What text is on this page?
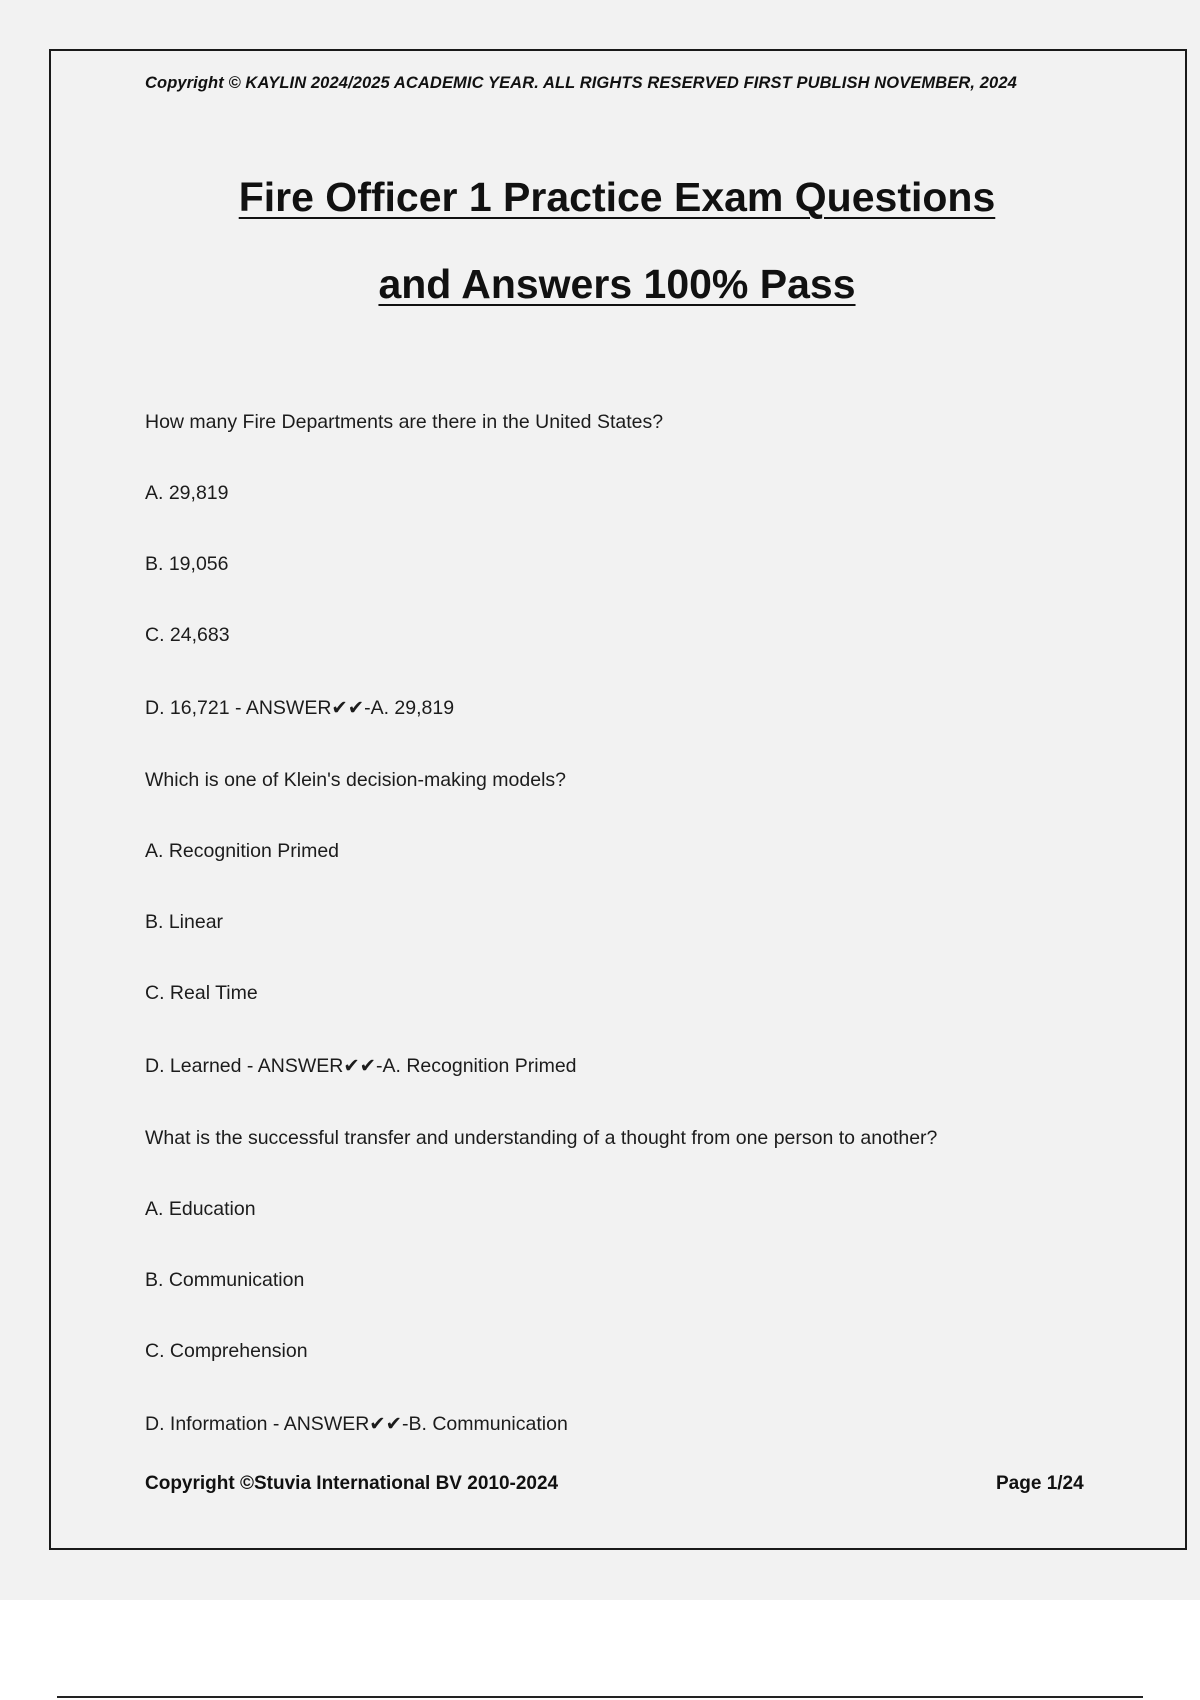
Copyright © KAYLIN 2024/2025 ACADEMIC YEAR. ALL RIGHTS RESERVED FIRST PUBLISH NOVEMBER, 2024
Fire Officer 1 Practice Exam Questions
and Answers 100% Pass
How many Fire Departments are there in the United States?
A. 29,819
B. 19,056
C. 24,683
D. 16,721 - ANSWER✔✔-A. 29,819
Which is one of Klein's decision-making models?
A. Recognition Primed
B. Linear
C. Real Time
D. Learned - ANSWER✔✔-A. Recognition Primed
What is the successful transfer and understanding of a thought from one person to another?
A. Education
B. Communication
C. Comprehension
D. Information - ANSWER✔✔-B. Communication
Copyright ©Stuvia International BV 2010-2024	Page 1/24
